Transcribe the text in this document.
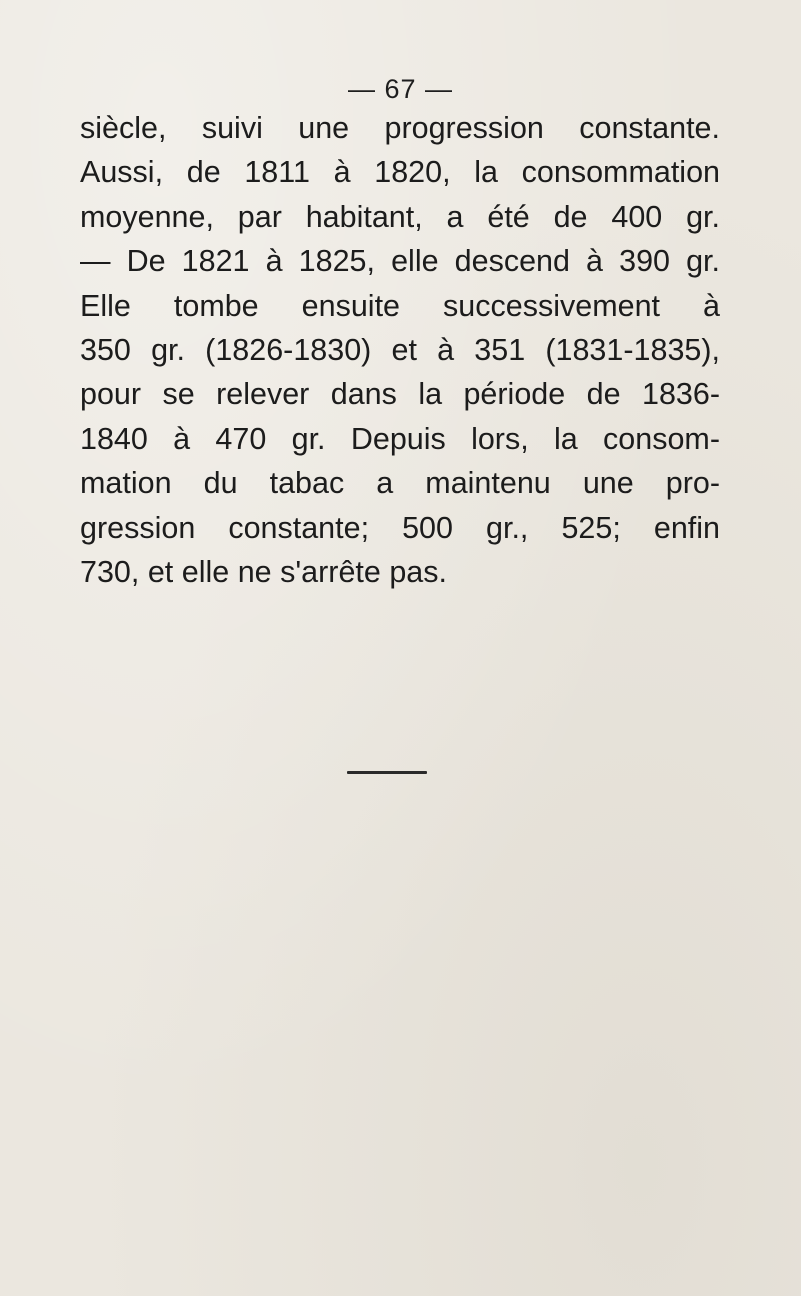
— 67 —

siècle, suivi une progression constante.
Aussi, de 1811 à 1820, la consommation
moyenne, par habitant, a été de 400 gr.
— De 1821 à 1825, elle descend à 390 gr.
Elle tombe ensuite successivement à
350 gr. (1826-1830) et à 351 (1831-1835),
pour se relever dans la période de 1836-
1840 à 470 gr. Depuis lors, la consom-
mation du tabac a maintenu une pro-
gression constante; 500 gr., 525; enfin
730, et elle ne s'arrête pas.
